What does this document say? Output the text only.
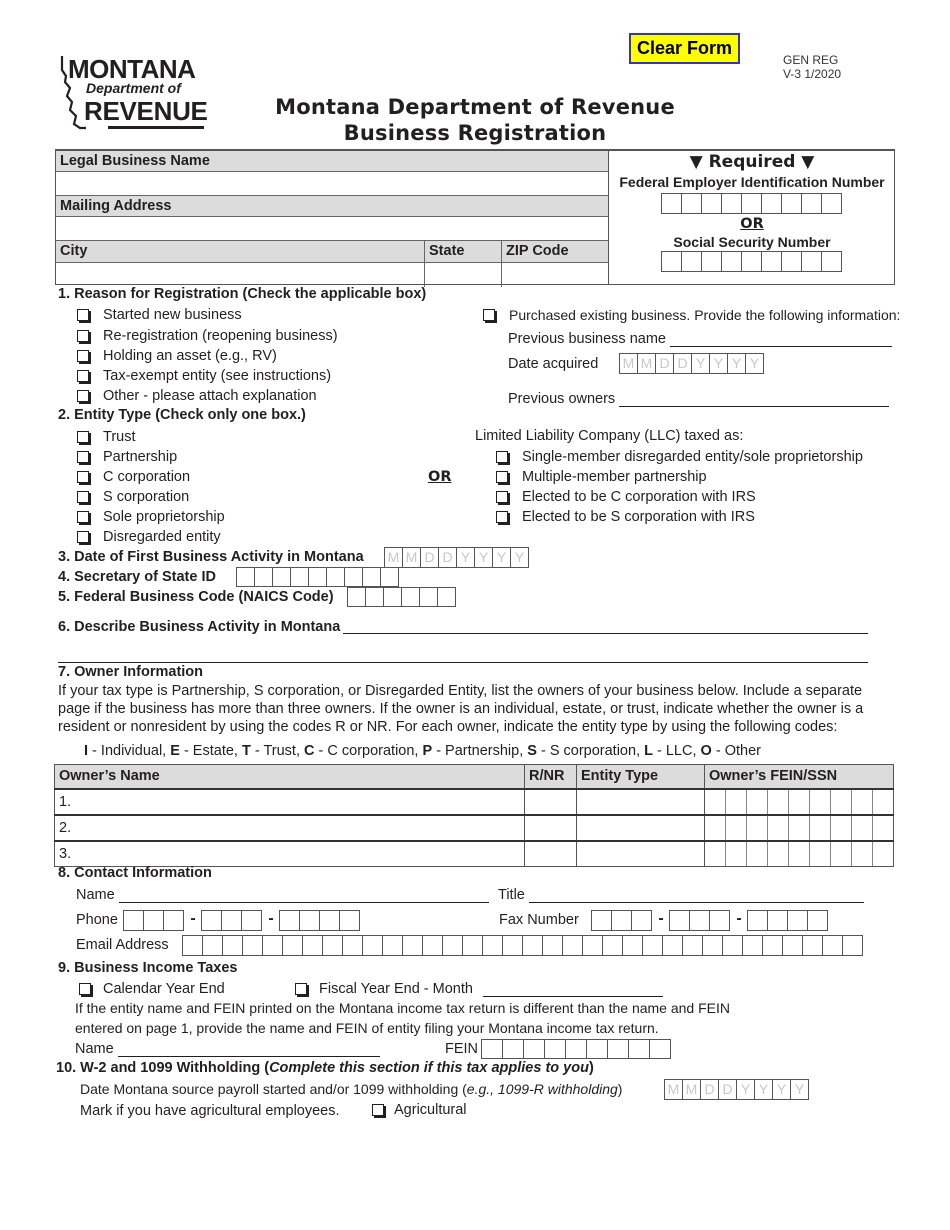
MONTANA
Department of
REVENUE
Clear Form
GEN REG
V-3 1/2020
Montana Department of Revenue
Business Registration
Legal Business Name
Mailing Address
City	State	ZIP Code
▼ Required ▼
Federal Employer Identification Number
OR
Social Security Number
1. Reason for Registration (Check the applicable box)
Started new business
Re-registration (reopening business)
Holding an asset (e.g., RV)
Tax-exempt entity (see instructions)
Other - please attach explanation
Purchased existing business. Provide the following information:
Previous business name
Date acquired M M D D Y Y Y Y
Previous owners
2. Entity Type (Check only one box.)
Trust
Partnership
C corporation
S corporation
Sole proprietorship
Disregarded entity
OR
Limited Liability Company (LLC) taxed as:
Single-member disregarded entity/sole proprietorship
Multiple-member partnership
Elected to be C corporation with IRS
Elected to be S corporation with IRS
3. Date of First Business Activity in Montana M M D D Y Y Y Y
4. Secretary of State ID
5. Federal Business Code (NAICS Code)
6. Describe Business Activity in Montana
7. Owner Information
If your tax type is Partnership, S corporation, or Disregarded Entity, list the owners of your business below. Include a separate page if the business has more than three owners. If the owner is an individual, estate, or trust, indicate whether the owner is a resident or nonresident by using the codes R or NR. For each owner, indicate the entity type by using the following codes:
I - Individual, E - Estate, T - Trust, C - C corporation, P - Partnership, S - S corporation, L - LLC, O - Other
Owner’s Name	R/NR	Entity Type	Owner’s FEIN/SSN
1.			

2.			

3.			
8. Contact Information
Name	Title
Phone	-	-	Fax Number	-	-
Email Address
9. Business Income Taxes
Calendar Year End	Fiscal Year End - Month
If the entity name and FEIN printed on the Montana income tax return is different than the name and FEIN
entered on page 1, provide the name and FEIN of entity filing your Montana income tax return.
Name	FEIN
10. W-2 and 1099 Withholding (Complete this section if this tax applies to you)
Date Montana source payroll started and/or 1099 withholding (e.g., 1099-R withholding)	M M D D Y Y Y Y
Mark if you have agricultural employees.	Agricultural
